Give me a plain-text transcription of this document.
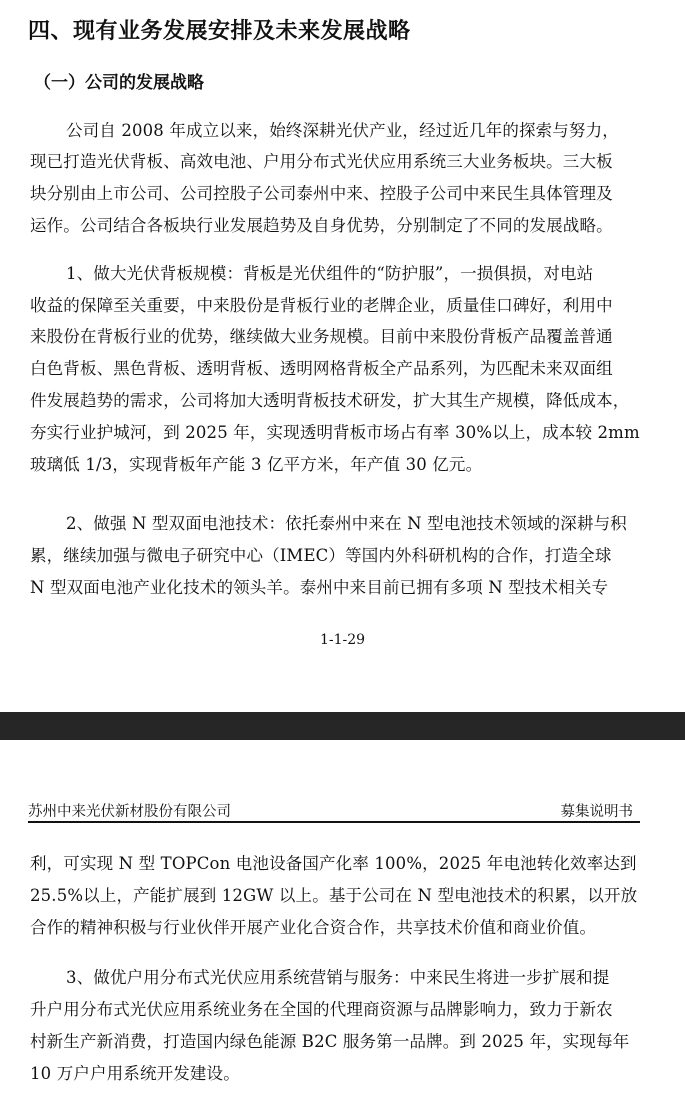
四、现有业务发展安排及未来发展战略
（一）公司的发展战略
公司自 2008 年成立以来，始终深耕光伏产业，经过近几年的探索与努力，
现已打造光伏背板、高效电池、户用分布式光伏应用系统三大业务板块。三大板
块分别由上市公司、公司控股子公司泰州中来、控股子公司中来民生具体管理及
运作。公司结合各板块行业发展趋势及自身优势，分别制定了不同的发展战略。
1、做大光伏背板规模：背板是光伏组件的“防护服”，一损俱损，对电站
收益的保障至关重要，中来股份是背板行业的老牌企业，质量佳口碑好，利用中
来股份在背板行业的优势，继续做大业务规模。目前中来股份背板产品覆盖普通
白色背板、黑色背板、透明背板、透明网格背板全产品系列，为匹配未来双面组
件发展趋势的需求，公司将加大透明背板技术研发，扩大其生产规模，降低成本，
夯实行业护城河，到 2025 年，实现透明背板市场占有率 30%以上，成本较 2mm
玻璃低 1/3，实现背板年产能 3 亿平方米，年产值 30 亿元。
2、做强 N 型双面电池技术：依托泰州中来在 N 型电池技术领域的深耕与积
累，继续加强与微电子研究中心（IMEC）等国内外科研机构的合作，打造全球
N 型双面电池产业化技术的领头羊。泰州中来目前已拥有多项 N 型技术相关专
1-1-29
苏州中来光伏新材股份有限公司	募集说明书
利，可实现 N 型 TOPCon 电池设备国产化率 100%，2025 年电池转化效率达到
25.5%以上，产能扩展到 12GW 以上。基于公司在 N 型电池技术的积累，以开放
合作的精神积极与行业伙伴开展产业化合资合作，共享技术价值和商业价值。
3、做优户用分布式光伏应用系统营销与服务：中来民生将进一步扩展和提
升户用分布式光伏应用系统业务在全国的代理商资源与品牌影响力，致力于新农
村新生产新消费，打造国内绿色能源 B2C 服务第一品牌。到 2025 年，实现每年
10 万户户用系统开发建设。
